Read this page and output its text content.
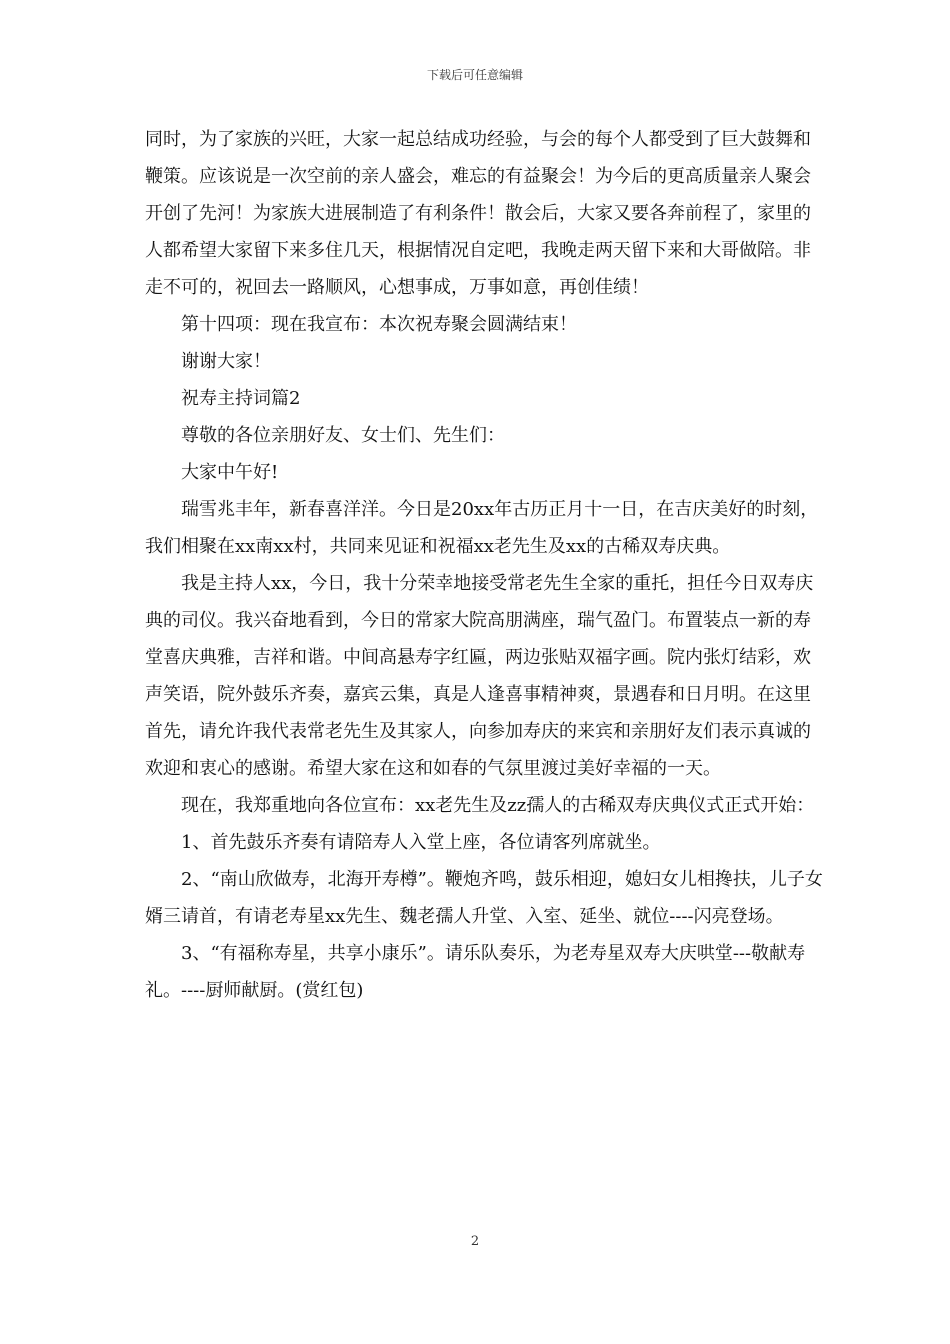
下载后可任意编辑

同时，为了家族的兴旺，大家一起总结成功经验，与会的每个人都受到了巨大鼓舞和鞭策。应该说是一次空前的亲人盛会，难忘的有益聚会！为今后的更高质量亲人聚会开创了先河！为家族大进展制造了有利条件！散会后，大家又要各奔前程了，家里的人都希望大家留下来多住几天，根据情况自定吧，我晚走两天留下来和大哥做陪。非走不可的，祝回去一路顺风，心想事成，万事如意，再创佳绩！

第十四项：现在我宣布：本次祝寿聚会圆满结束！

谢谢大家！

祝寿主持词篇2

尊敬的各位亲朋好友、女士们、先生们：

大家中午好!

瑞雪兆丰年，新春喜洋洋。今日是20xx年古历正月十一日，在吉庆美好的时刻，我们相聚在xx南xx村，共同来见证和祝福xx老先生及xx的古稀双寿庆典。

我是主持人xx，今日，我十分荣幸地接受常老先生全家的重托，担任今日双寿庆典的司仪。我兴奋地看到，今日的常家大院高朋满座，瑞气盈门。布置装点一新的寿堂喜庆典雅，吉祥和谐。中间高悬寿字红匾，两边张贴双福字画。院内张灯结彩，欢声笑语，院外鼓乐齐奏，嘉宾云集，真是人逢喜事精神爽，景遇春和日月明。在这里首先，请允许我代表常老先生及其家人，向参加寿庆的来宾和亲朋好友们表示真诚的欢迎和衷心的感谢。希望大家在这和如春的气氛里渡过美好幸福的一天。

现在，我郑重地向各位宣布：xx老先生及zz孺人的古稀双寿庆典仪式正式开始：

1、首先鼓乐齐奏有请陪寿人入堂上座，各位请客列席就坐。

2、“南山欣做寿，北海开寿樽”。鞭炮齐鸣，鼓乐相迎，媳妇女儿相搀扶，儿子女婿三请首，有请老寿星xx先生、魏老孺人升堂、入室、延坐、就位----闪亮登场。

3、“有福称寿星，共享小康乐”。请乐队奏乐，为老寿星双寿大庆哄堂---敬献寿礼。----厨师献厨。(赏红包)

2
